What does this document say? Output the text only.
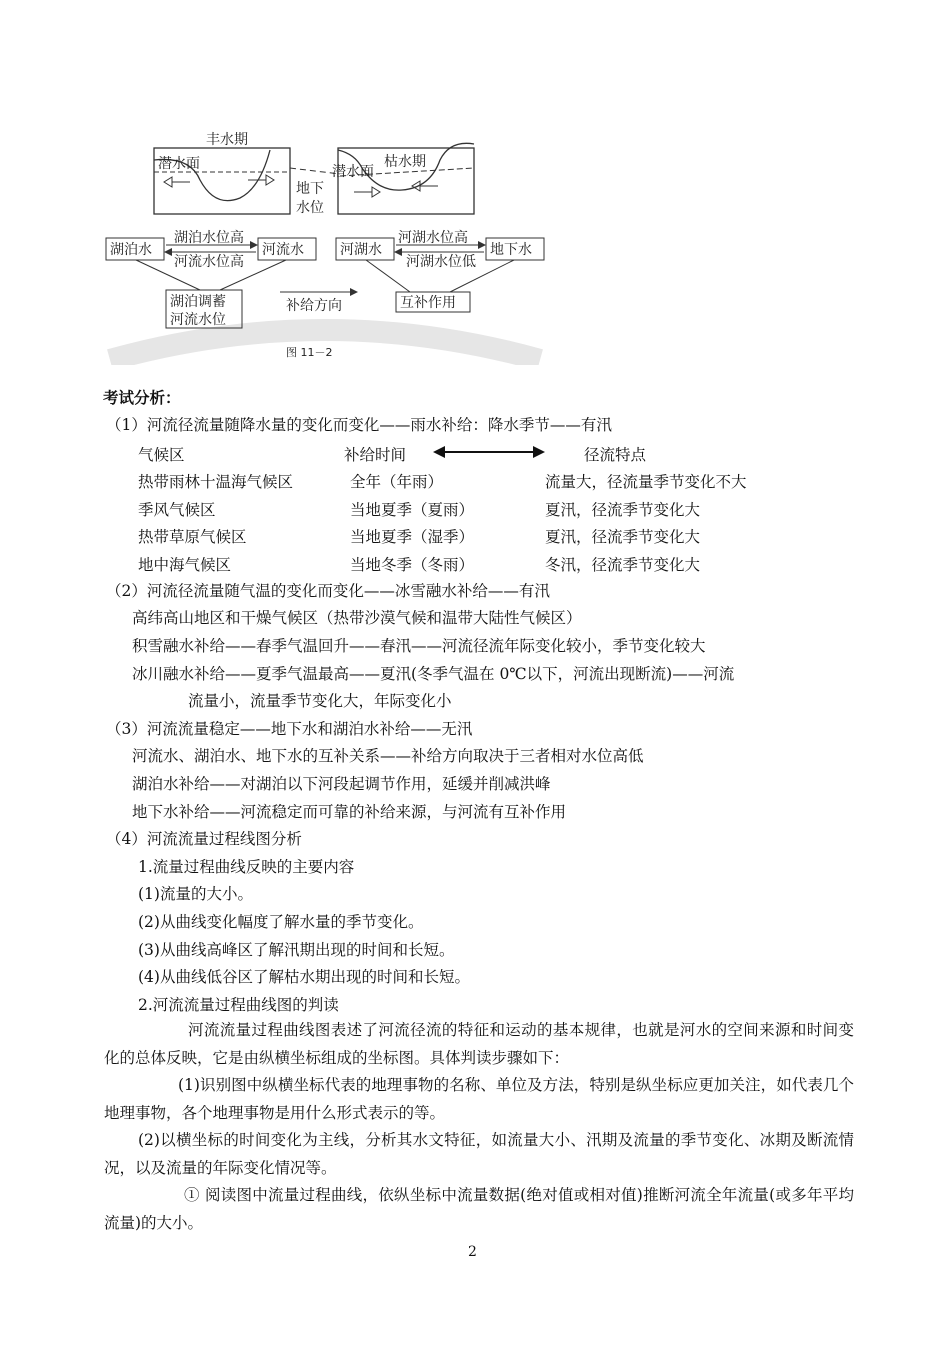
丰水期
潜水面
地下
水位
枯水期
潜水面
湖泊水	河流水
湖泊水位高
河流水位高
湖泊调蓄
河流水位
补给方向
河湖水	地下水
河湖水位高
河湖水位低
互补作用
图 11－2
考试分析：
（1）河流径流量随降水量的变化而变化——雨水补给：降水季节——有汛
气候区	补给时间	径流特点
热带雨林十温海气候区	全年（年雨）	流量大，径流量季节变化不大
季风气候区	当地夏季（夏雨）	夏汛，径流季节变化大
热带草原气候区	当地夏季（湿季）	夏汛，径流季节变化大
地中海气候区	当地冬季（冬雨）	冬汛，径流季节变化大
（2）河流径流量随气温的变化而变化——冰雪融水补给——有汛
高纬高山地区和干燥气候区（热带沙漠气候和温带大陆性气候区）
积雪融水补给——春季气温回升——春汛——河流径流年际变化较小，季节变化较大
冰川融水补给——夏季气温最高——夏汛(冬季气温在 0℃以下，河流出现断流)——河流
流量小，流量季节变化大，年际变化小
（3）河流流量稳定——地下水和湖泊水补给——无汛
河流水、湖泊水、地下水的互补关系——补给方向取决于三者相对水位高低
湖泊水补给——对湖泊以下河段起调节作用，延缓并削减洪峰
地下水补给——河流稳定而可靠的补给来源，与河流有互补作用
（4）河流流量过程线图分析
1.流量过程曲线反映的主要内容
(1)流量的大小。
(2)从曲线变化幅度了解水量的季节变化。
(3)从曲线高峰区了解汛期出现的时间和长短。
(4)从曲线低谷区了解枯水期出现的时间和长短。
2.河流流量过程曲线图的判读
河流流量过程曲线图表述了河流径流的特征和运动的基本规律，也就是河水的空间来源和时间变化的总体反映，它是由纵横坐标组成的坐标图。具体判读步骤如下：
(1)识别图中纵横坐标代表的地理事物的名称、单位及方法，特别是纵坐标应更加关注，如代表几个地理事物，各个地理事物是用什么形式表示的等。
(2)以横坐标的时间变化为主线，分析其水文特征，如流量大小、汛期及流量的季节变化、冰期及断流情况，以及流量的年际变化情况等。
① 阅读图中流量过程曲线，依纵坐标中流量数据(绝对值或相对值)推断河流全年流量(或多年平均流量)的大小。
2
